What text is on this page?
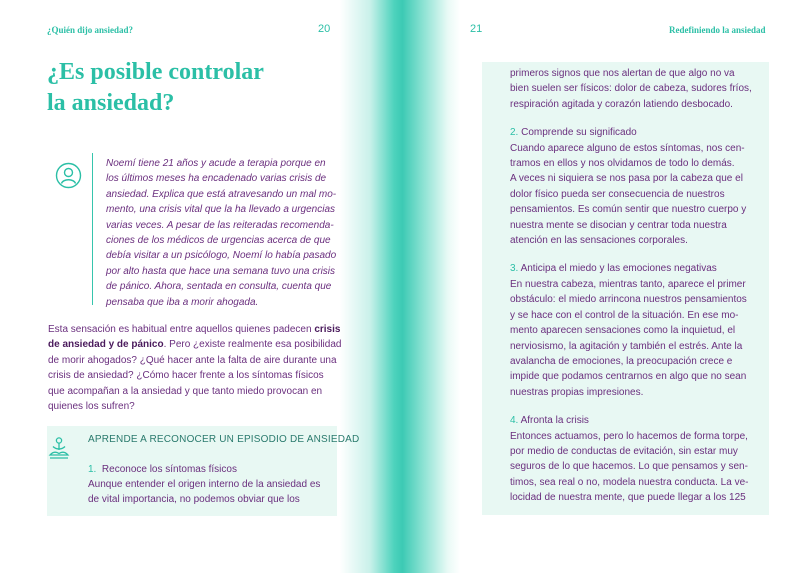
¿Quién dijo ansiedad?	20
¿Es posible controlar
la ansiedad?
Noemí tiene 21 años y acude a terapia porque en
los últimos meses ha encadenado varias crisis de
ansiedad. Explica que está atravesando un mal mo-
mento, una crisis vital que la ha llevado a urgencias
varias veces. A pesar de las reiteradas recomenda-
ciones de los médicos de urgencias acerca de que
debía visitar a un psicólogo, Noemí lo había pasado
por alto hasta que hace una semana tuvo una crisis
de pánico. Ahora, sentada en consulta, cuenta que
pensaba que iba a morir ahogada.
Esta sensación es habitual entre aquellos quienes padecen crisis
de ansiedad y de pánico. Pero ¿existe realmente esa posibilidad
de morir ahogados? ¿Qué hacer ante la falta de aire durante una
crisis de ansiedad? ¿Cómo hacer frente a los síntomas físicos
que acompañan a la ansiedad y que tanto miedo provocan en
quienes los sufren?
APRENDE A RECONOCER UN EPISODIO DE ANSIEDAD
1. Reconoce los síntomas físicos
Aunque entender el origen interno de la ansiedad es
de vital importancia, no podemos obviar que los
21	Redefiniendo la ansiedad
primeros signos que nos alertan de que algo no va
bien suelen ser físicos: dolor de cabeza, sudores fríos,
respiración agitada y corazón latiendo desbocado.
2. Comprende su significado
Cuando aparece alguno de estos síntomas, nos cen-
tramos en ellos y nos olvidamos de todo lo demás.
A veces ni siquiera se nos pasa por la cabeza que el
dolor físico pueda ser consecuencia de nuestros
pensamientos. Es común sentir que nuestro cuerpo y
nuestra mente se disocian y centrar toda nuestra
atención en las sensaciones corporales.
3. Anticipa el miedo y las emociones negativas
En nuestra cabeza, mientras tanto, aparece el primer
obstáculo: el miedo arrincona nuestros pensamientos
y se hace con el control de la situación. En ese mo-
mento aparecen sensaciones como la inquietud, el
nerviosismo, la agitación y también el estrés. Ante la
avalancha de emociones, la preocupación crece e
impide que podamos centrarnos en algo que no sean
nuestras propias impresiones.
4. Afronta la crisis
Entonces actuamos, pero lo hacemos de forma torpe,
por medio de conductas de evitación, sin estar muy
seguros de lo que hacemos. Lo que pensamos y sen-
timos, sea real o no, modela nuestra conducta. La ve-
locidad de nuestra mente, que puede llegar a los 125
